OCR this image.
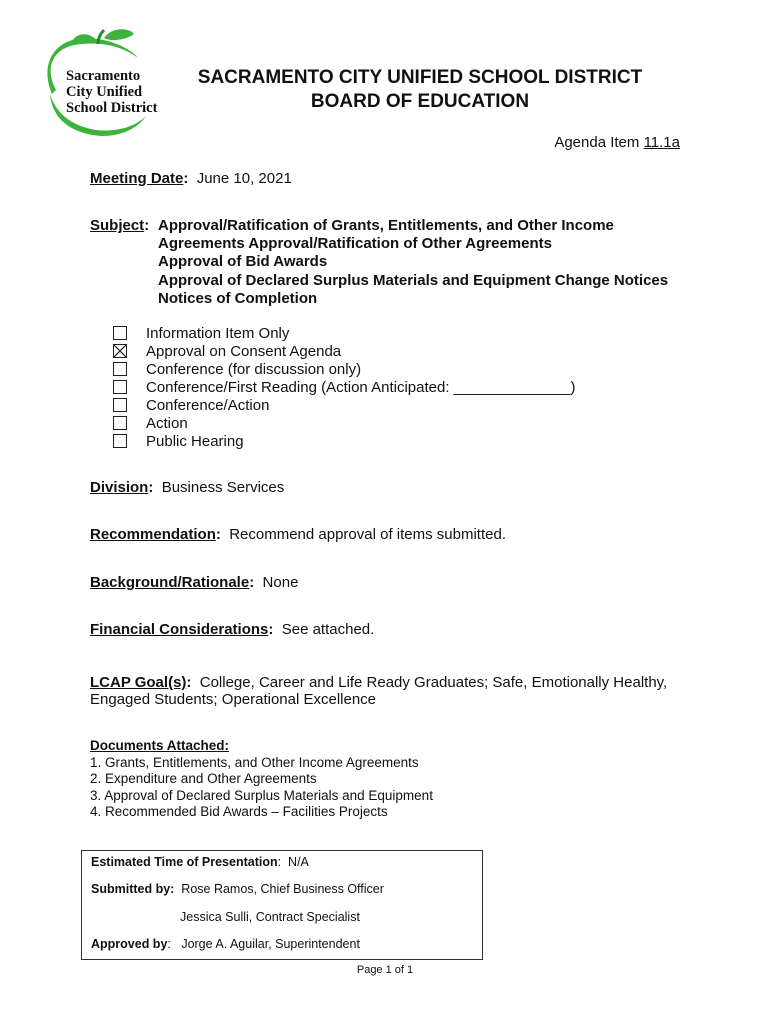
Sacramento
City Unified
School District
SACRAMENTO CITY UNIFIED SCHOOL DISTRICT
BOARD OF EDUCATION
Agenda Item 11.1a
Meeting Date: June 10, 2021
Subject: Approval/Ratification of Grants, Entitlements, and Other Income
Agreements Approval/Ratification of Other Agreements
Approval of Bid Awards
Approval of Declared Surplus Materials and Equipment Change Notices
Notices of Completion
Information Item Only
Approval on Consent Agenda
Conference (for discussion only)
Conference/First Reading (Action Anticipated: ______________)
Conference/Action
Action
Public Hearing
Division: Business Services
Recommendation: Recommend approval of items submitted.
Background/Rationale: None
Financial Considerations: See attached.
LCAP Goal(s): College, Career and Life Ready Graduates; Safe, Emotionally Healthy,
Engaged Students; Operational Excellence
Documents Attached:
1. Grants, Entitlements, and Other Income Agreements
2. Expenditure and Other Agreements
3. Approval of Declared Surplus Materials and Equipment
4. Recommended Bid Awards – Facilities Projects
Estimated Time of Presentation:  N/A
Submitted by: Rose Ramos, Chief Business Officer
Jessica Sulli, Contract Specialist
Approved by:   Jorge A. Aguilar, Superintendent
Page 1 of 1
